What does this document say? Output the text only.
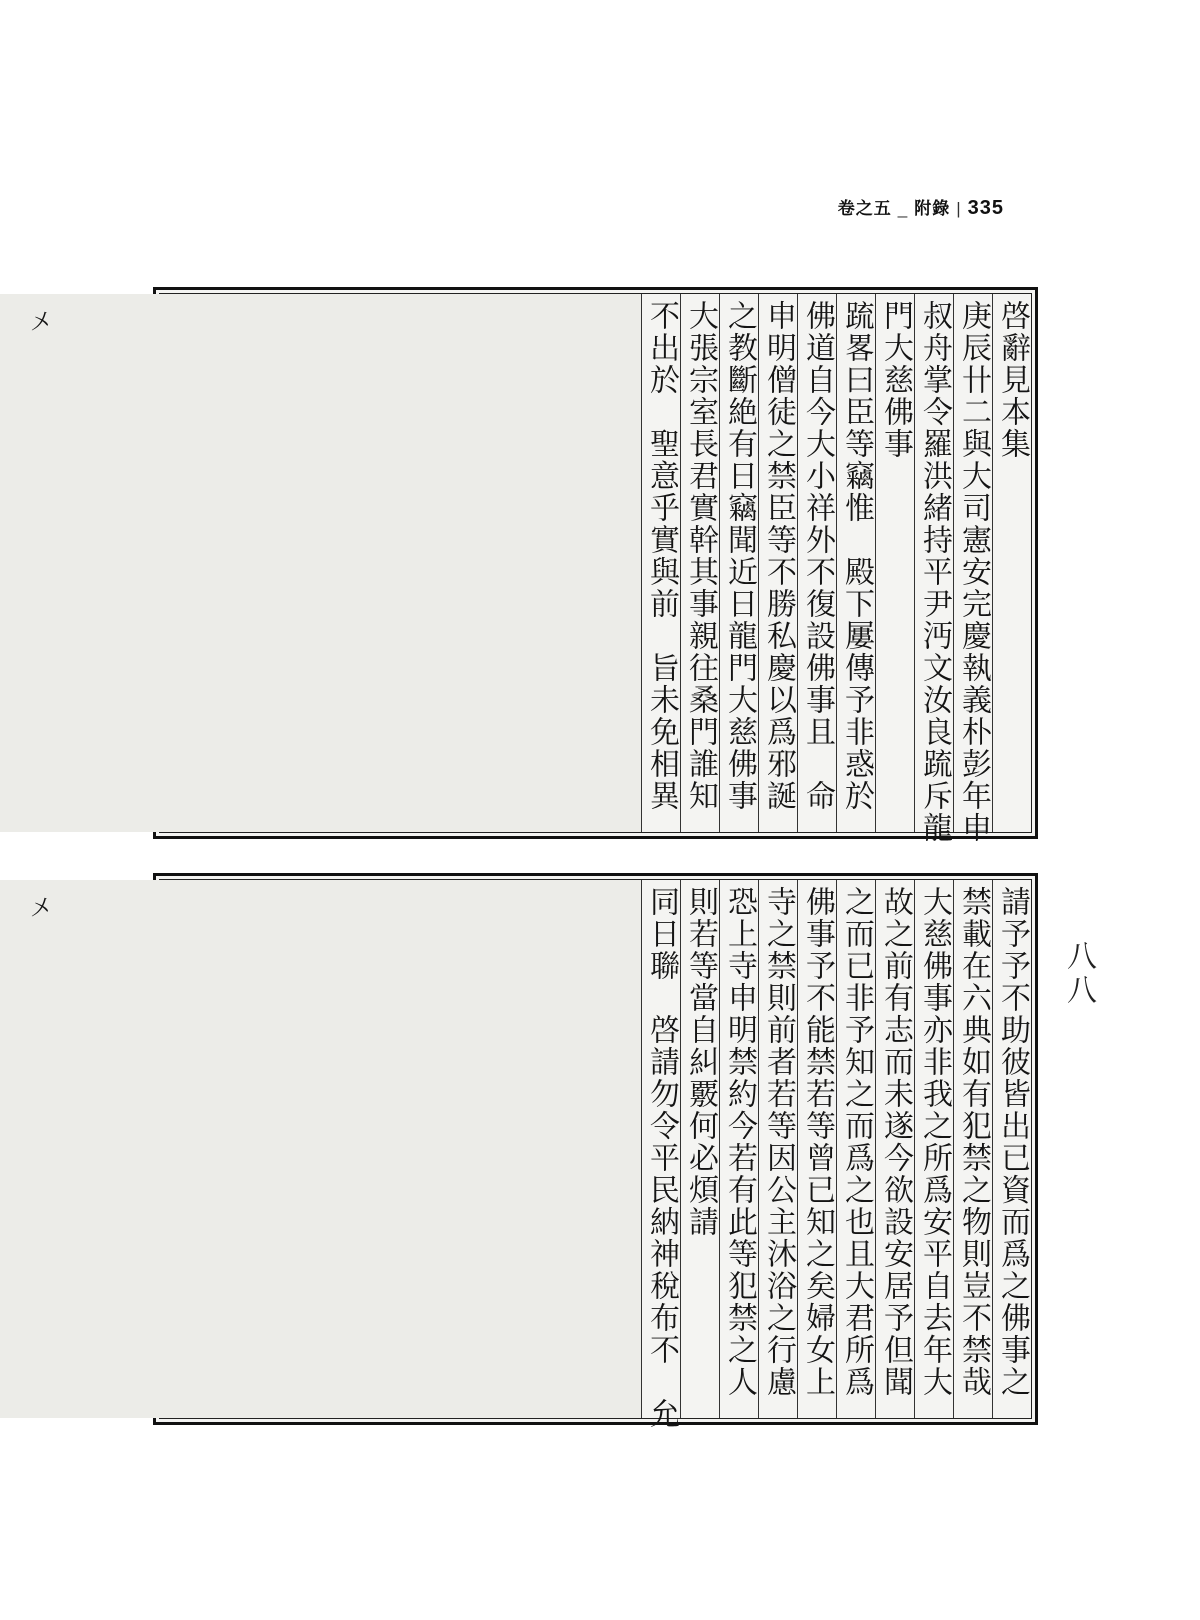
卷之五 _ 附錄 | 335
啓辭見本集
庚辰卄二與大司憲安完慶執義朴彭年申
叔舟掌令羅洪緒持平尹沔文汝良䟽斥龍
門大慈佛事
䟽畧曰臣等竊惟　殿下屢傳予非惑於
佛道自今大小祥外不復設佛事且　命
申明僧徒之禁臣等不勝私慶以爲邪誕
之教斷絶有日竊聞近日龍門大慈佛事
大張宗室長君實幹其事親往桑門誰知
不出於　聖意乎實與前　旨未免相異
〤
請予予不助彼皆出已資而爲之佛事之
禁載在六典如有犯禁之物則豈不禁哉
大慈佛事亦非我之所爲安平自去年大
故之前有志而未遂今欲設安居予但聞
之而已非予知之而爲之也且大君所爲
佛事予不能禁若等曾已知之矣婦女上
寺之禁則前者若等因公主沐浴之行慮
恐上寺申明禁約今若有此等犯禁之人
則若等當自糾覈何必煩請
同日聯　啓請勿令平民納神稅布不　允
〤
八八
